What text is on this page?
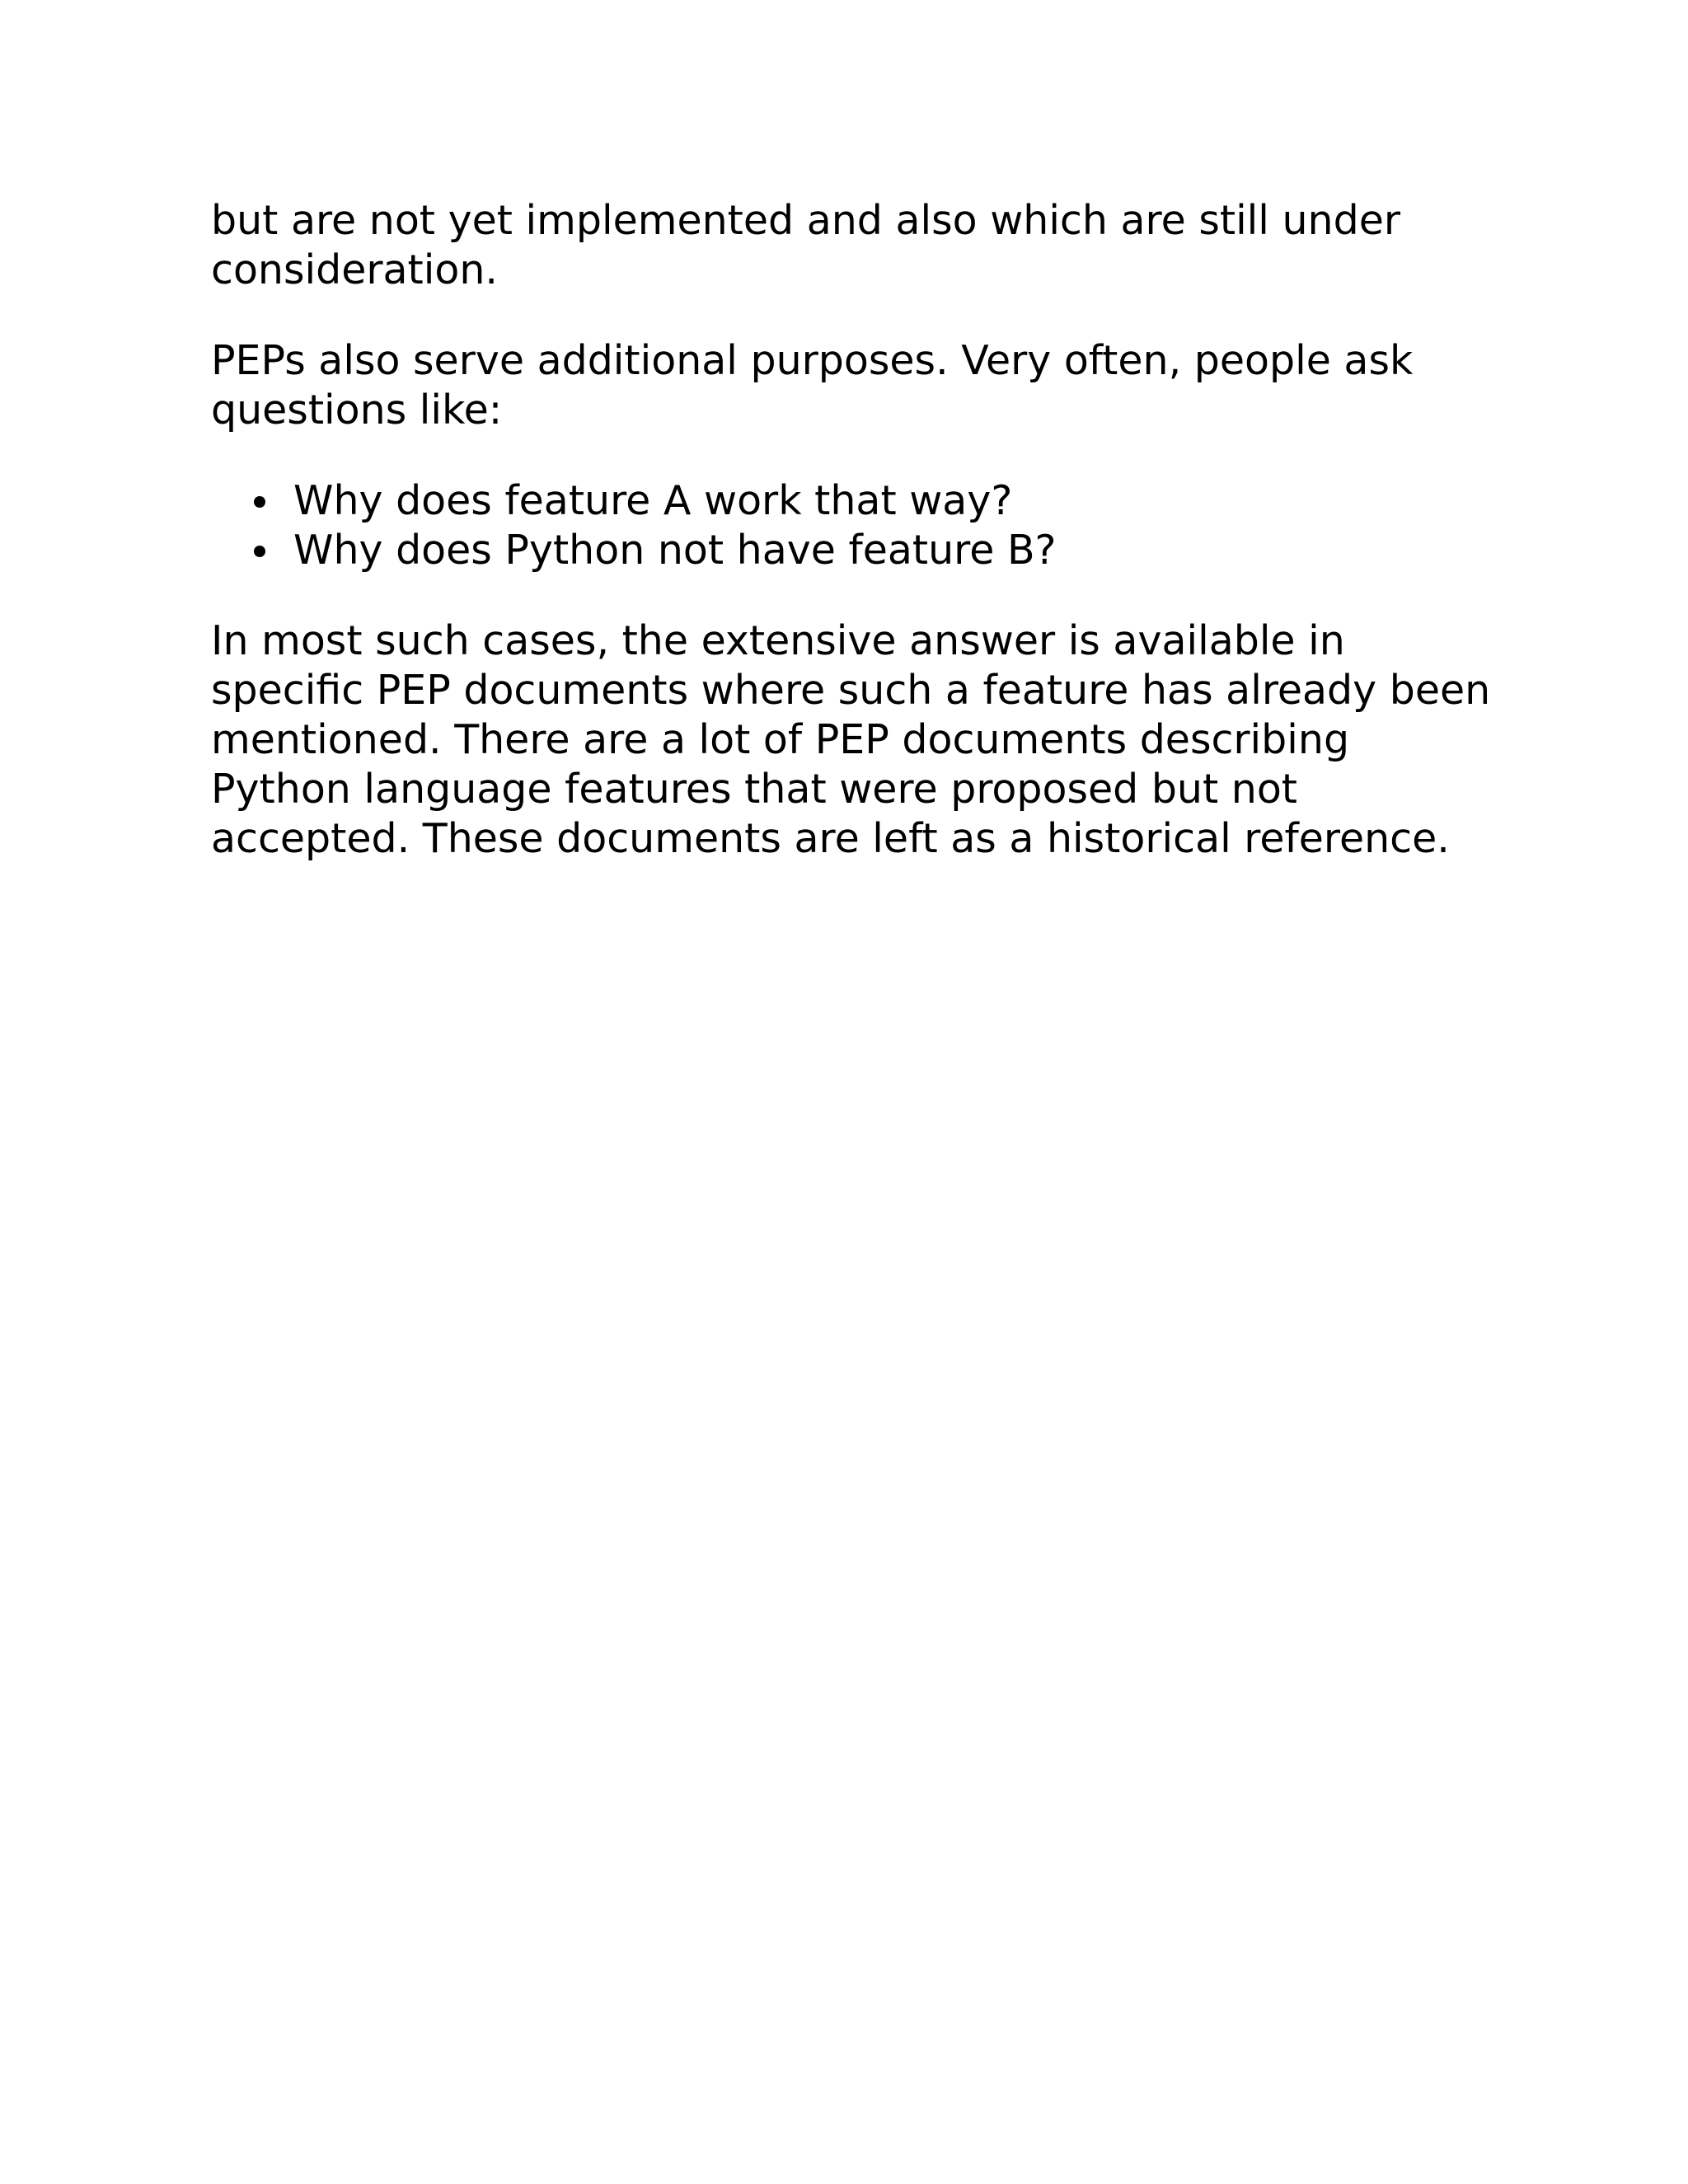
but are not yet implemented and also which are still under consideration.

PEPs also serve additional purposes. Very often, people ask questions like:

Why does feature A work that way?
Why does Python not have feature B?

In most such cases, the extensive answer is available in specific PEP documents where such a feature has already been mentioned. There are a lot of PEP documents describing Python language features that were proposed but not accepted. These documents are left as a historical reference.
